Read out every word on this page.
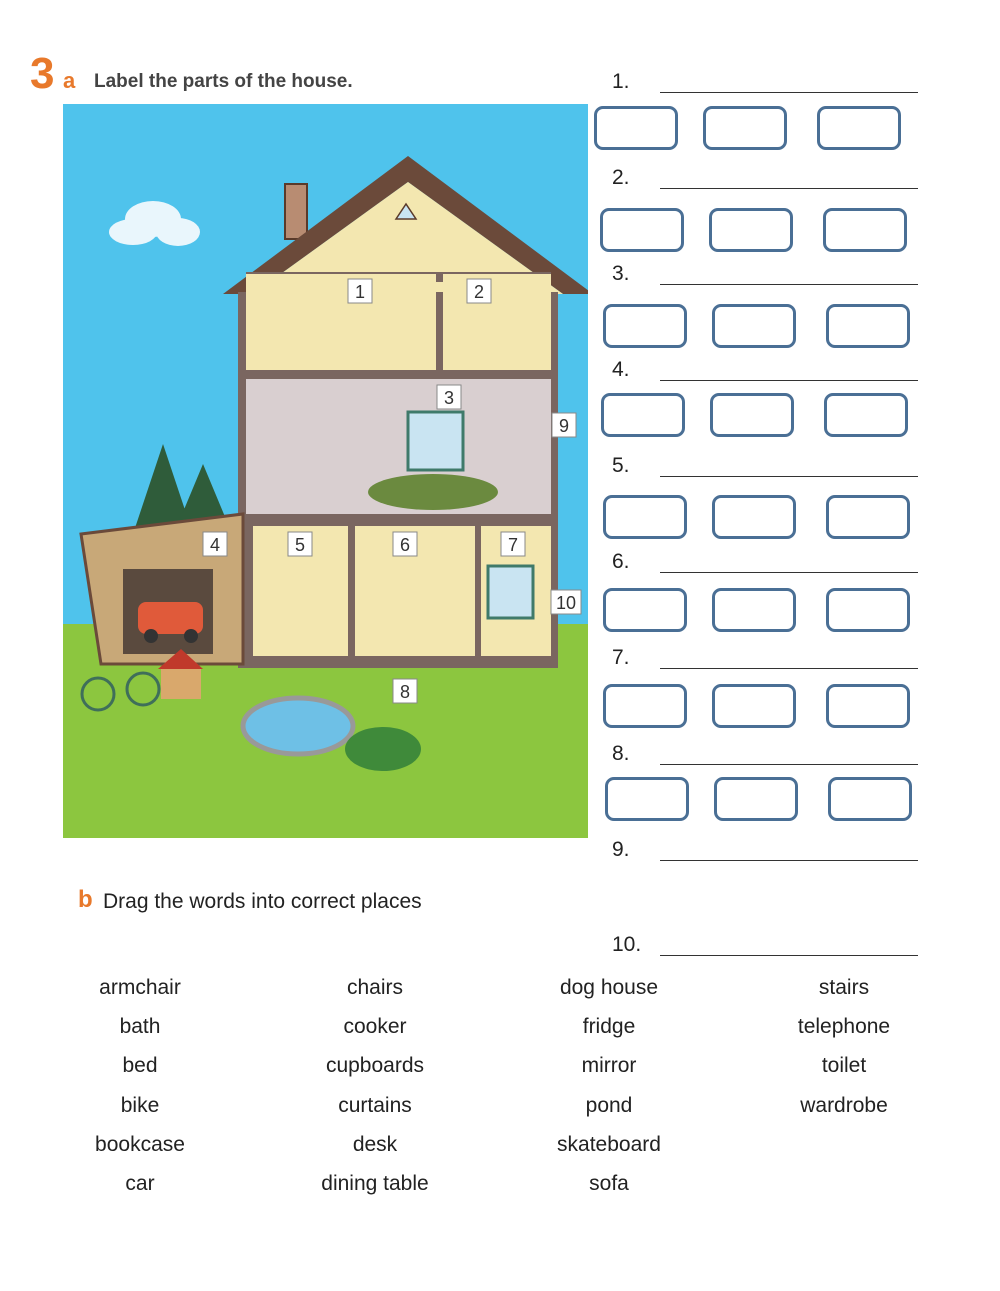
3 a Label the parts of the house.
1	2
3
4	5	6	7
8
9
10
1.
2.
3.
4.
5.
6.
7.
8.
9.
10.
b Drag the words into correct places
armchair
bath
bed
bike
bookcase
car
chairs
cooker
cupboards
curtains
desk
dining table
dog house
fridge
mirror
pond
skateboard
sofa
stairs
telephone
toilet
wardrobe
